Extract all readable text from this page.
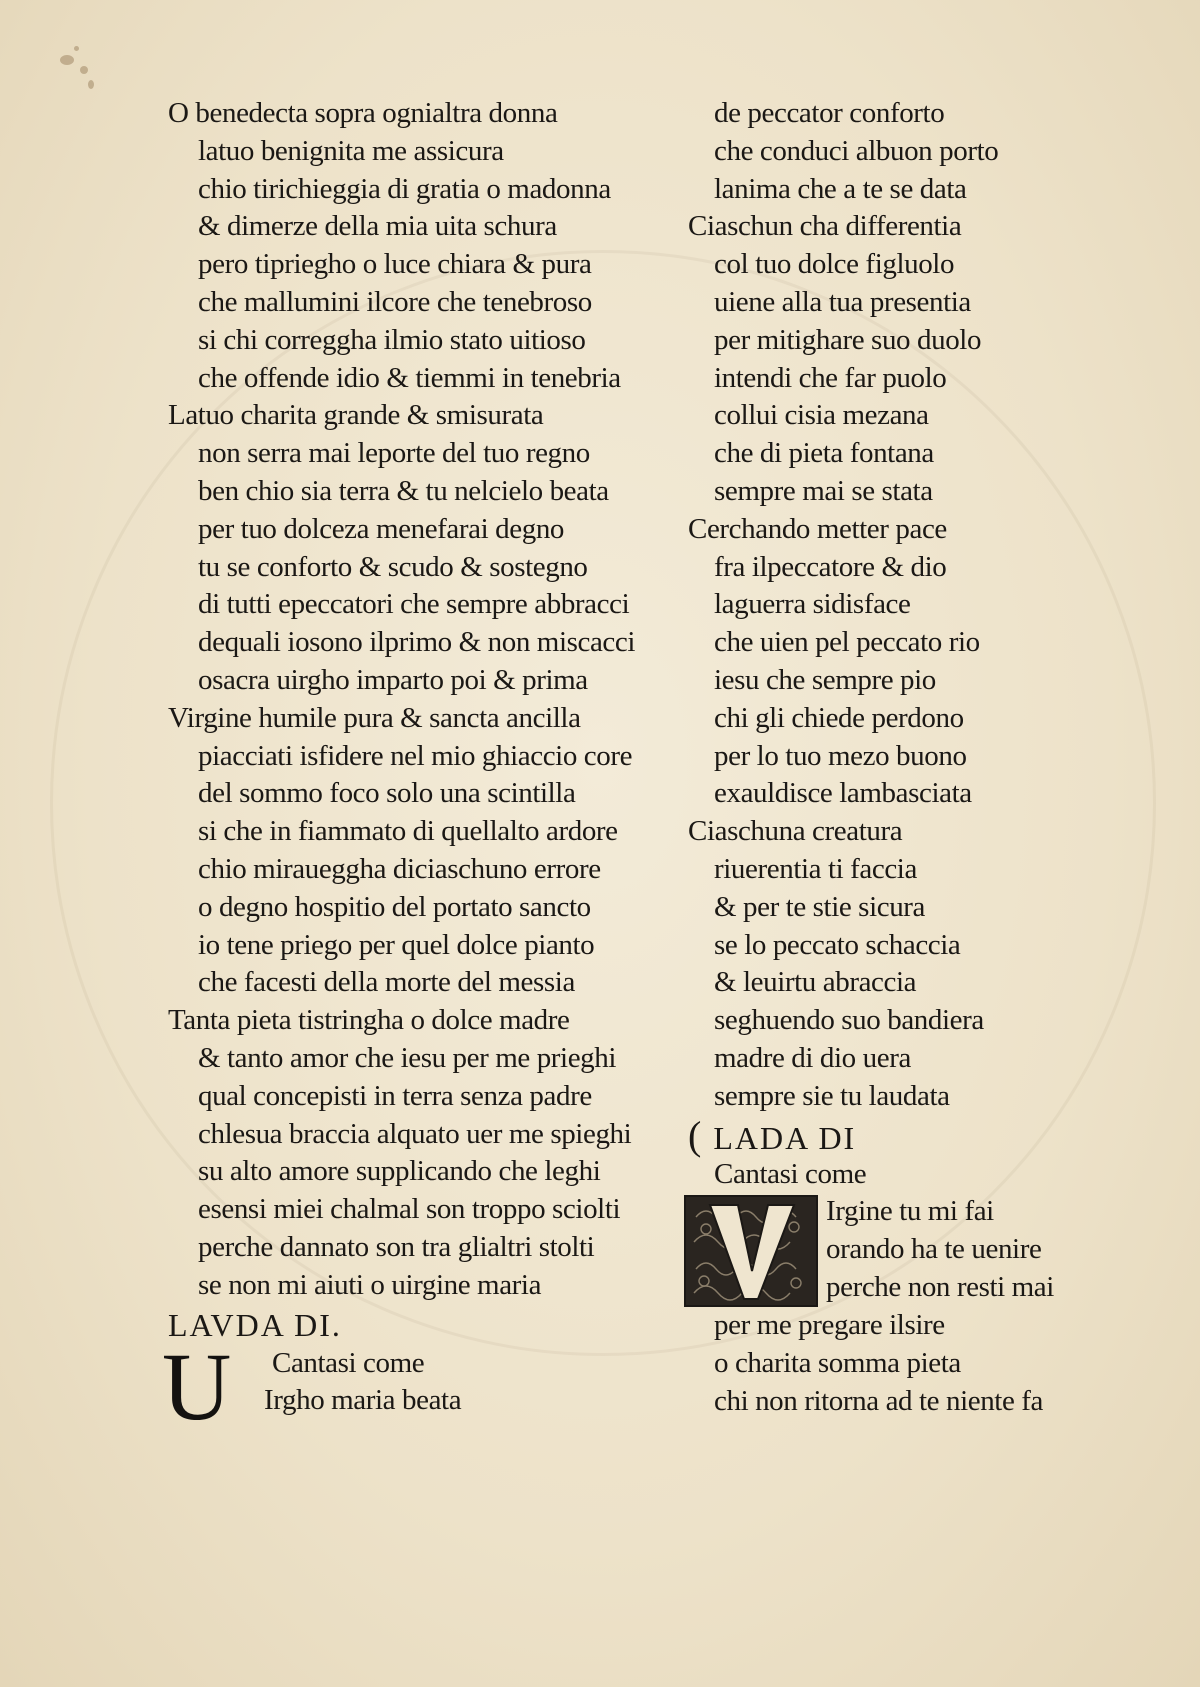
O benedecta sopra ognialtra donna
latuo benignita me assicura
chio tirichieggia di gratia o madonna
& dimerze della mia uita schura
pero tipriegho o luce chiara & pura
che mallumini ilcore che tenebroso
si chi correggha ilmio stato uitioso
che offende idio & tiemmi in tenebria
Latuo charita grande & smisurata
non serra mai leporte del tuo regno
ben chio sia terra & tu nelcielo beata
per tuo dolceza menefarai degno
tu se conforto & scudo & sostegno
di tutti epeccatori che sempre abbracci
dequali iosono ilprimo & non miscacci
osacra uirgho imparto poi & prima
Virgine humile pura & sancta ancilla
piacciati isfidere nel mio ghiaccio core
del sommo foco solo una scintilla
si che in fiammato di quellalto ardore
chio miraueggha diciaschuno errore
o degno hospitio del portato sancto
io tene priego per quel dolce pianto
che facesti della morte del messia
Tanta pieta tistringha o dolce madre
& tanto amor che iesu per me prieghi
qual concepisti in terra senza padre
chlesua braccia alquato uer me spieghi
su alto amore supplicando che leghi
esensi miei chalmal son troppo sciolti
perche dannato son tra glialtri stolti
se non mi aiuti o uirgine maria
LAVDA DI.
U	Cantasi come
Irgho maria beata
de peccator conforto
che conduci albuon porto
lanima che a te se data
Ciaschun cha differentia
col tuo dolce figluolo
uiene alla tua presentia
per mitighare suo duolo
intendi che far puolo
collui cisia mezana
che di pieta fontana
sempre mai se stata
Cerchando metter pace
fra ilpeccatore & dio
laguerra sidisface
che uien pel peccato rio
iesu che sempre pio
chi gli chiede perdono
per lo tuo mezo buono
exauldisce lambasciata
Ciaschuna creatura
riuerentia ti faccia
& per te stie sicura
se lo peccato schaccia
& leuirtu abraccia
seghuendo suo bandiera
madre di dio uera
sempre sie tu laudata
( LADA DI
Cantasi come
Irgine tu mi fai
orando ha te uenire
perche non resti mai
per me pregare ilsire
o charita somma pieta
chi non ritorna ad te niente fa
